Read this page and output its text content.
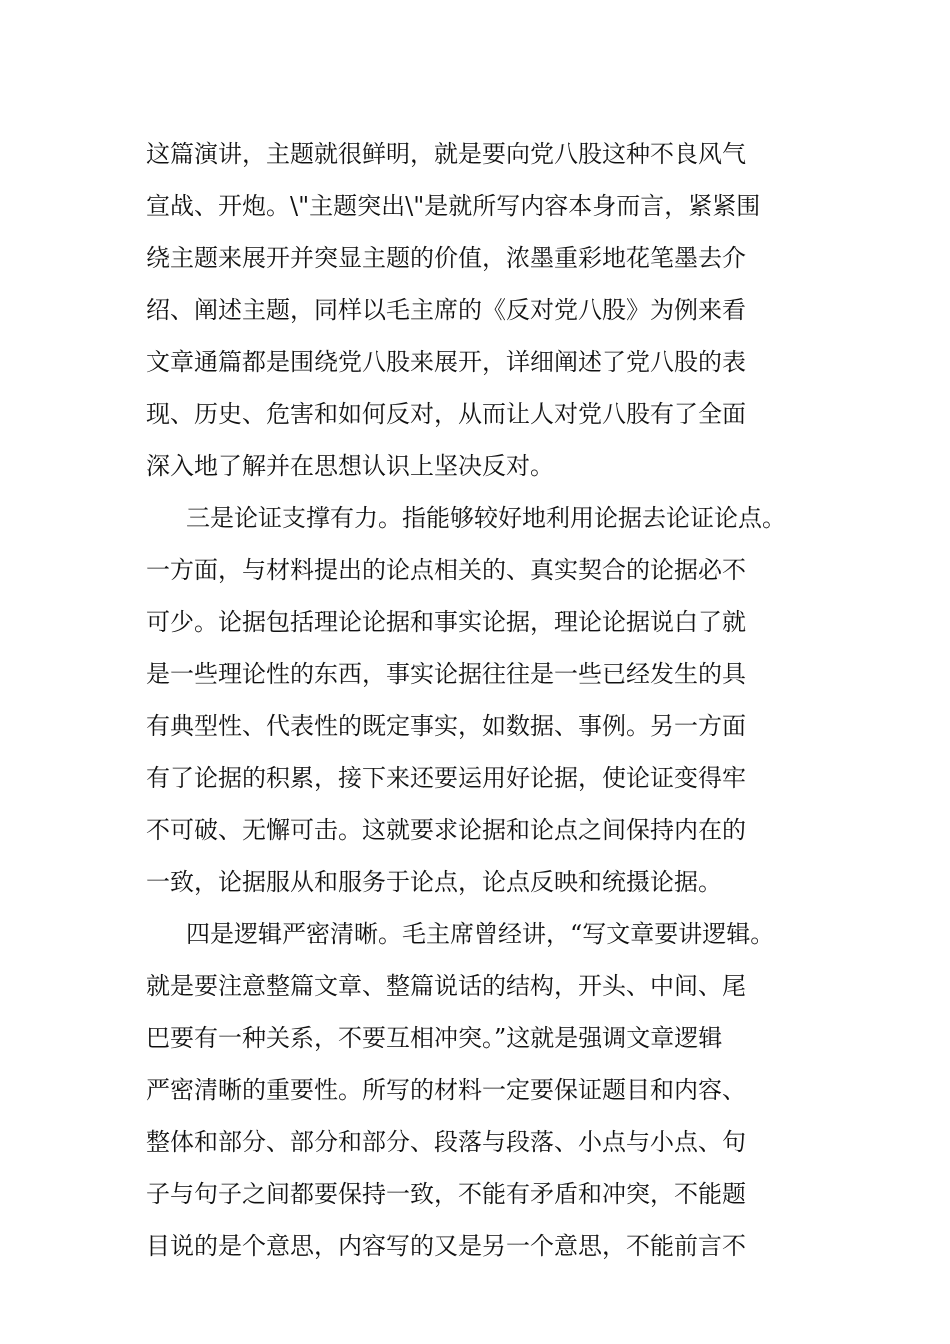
这篇演讲，主题就很鲜明，就是要向党八股这种不良风气
宣战、开炮。\"主题突出\"是就所写内容本身而言，紧紧围
绕主题来展开并突显主题的价值，浓墨重彩地花笔墨去介
绍、阐述主题，同样以毛主席的《反对党八股》为例来看
文章通篇都是围绕党八股来展开，详细阐述了党八股的表
现、历史、危害和如何反对，从而让人对党八股有了全面
深入地了解并在思想认识上坚决反对。
三是论证支撑有力。指能够较好地利用论据去论证论点。
一方面，与材料提出的论点相关的、真实契合的论据必不
可少。论据包括理论论据和事实论据，理论论据说白了就
是一些理论性的东西，事实论据往往是一些已经发生的具
有典型性、代表性的既定事实，如数据、事例。另一方面
有了论据的积累，接下来还要运用好论据，使论证变得牢
不可破、无懈可击。这就要求论据和论点之间保持内在的
一致，论据服从和服务于论点，论点反映和统摄论据。
四是逻辑严密清晰。毛主席曾经讲，“写文章要讲逻辑。
就是要注意整篇文章、整篇说话的结构，开头、中间、尾
巴要有一种关系，不要互相冲突。”这就是强调文章逻辑
严密清晰的重要性。所写的材料一定要保证题目和内容、
整体和部分、部分和部分、段落与段落、小点与小点、句
子与句子之间都要保持一致，不能有矛盾和冲突，不能题
目说的是个意思，内容写的又是另一个意思，不能前言不
